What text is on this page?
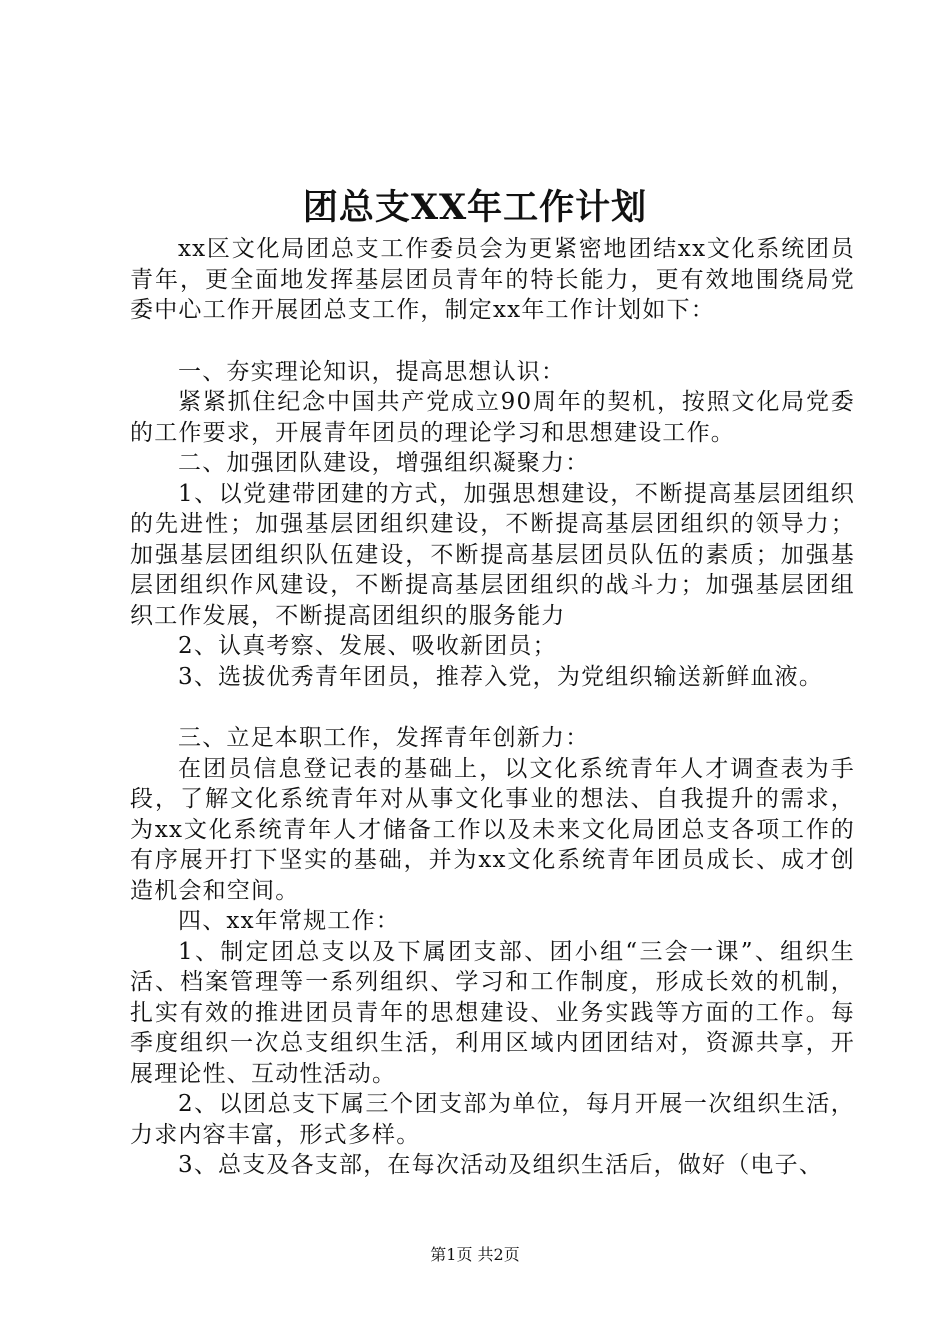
团总支XX年工作计划

xx区文化局团总支工作委员会为更紧密地团结xx文化系统团员青年，更全面地发挥基层团员青年的特长能力，更有效地围绕局党委中心工作开展团总支工作，制定xx年工作计划如下：

一、夯实理论知识，提高思想认识：

紧紧抓住纪念中国共产党成立90周年的契机，按照文化局党委的工作要求，开展青年团员的理论学习和思想建设工作。

二、加强团队建设，增强组织凝聚力：

1、以党建带团建的方式，加强思想建设，不断提高基层团组织的先进性；加强基层团组织建设，不断提高基层团组织的领导力；加强基层团组织队伍建设，不断提高基层团员队伍的素质；加强基层团组织作风建设，不断提高基层团组织的战斗力；加强基层团组织工作发展，不断提高团组织的服务能力

2、认真考察、发展、吸收新团员；

3、选拔优秀青年团员，推荐入党，为党组织输送新鲜血液。

三、立足本职工作，发挥青年创新力：

在团员信息登记表的基础上，以文化系统青年人才调查表为手段，了解文化系统青年对从事文化事业的想法、自我提升的需求，为xx文化系统青年人才储备工作以及未来文化局团总支各项工作的有序展开打下坚实的基础，并为xx文化系统青年团员成长、成才创造机会和空间。

四、xx年常规工作：

1、制定团总支以及下属团支部、团小组“三会一课”、组织生活、档案管理等一系列组织、学习和工作制度，形成长效的机制，扎实有效的推进团员青年的思想建设、业务实践等方面的工作。每季度组织一次总支组织生活，利用区域内团团结对，资源共享，开展理论性、互动性活动。

2、以团总支下属三个团支部为单位，每月开展一次组织生活，力求内容丰富，形式多样。

3、总支及各支部，在每次活动及组织生活后，做好（电子、

第1页 共2页
